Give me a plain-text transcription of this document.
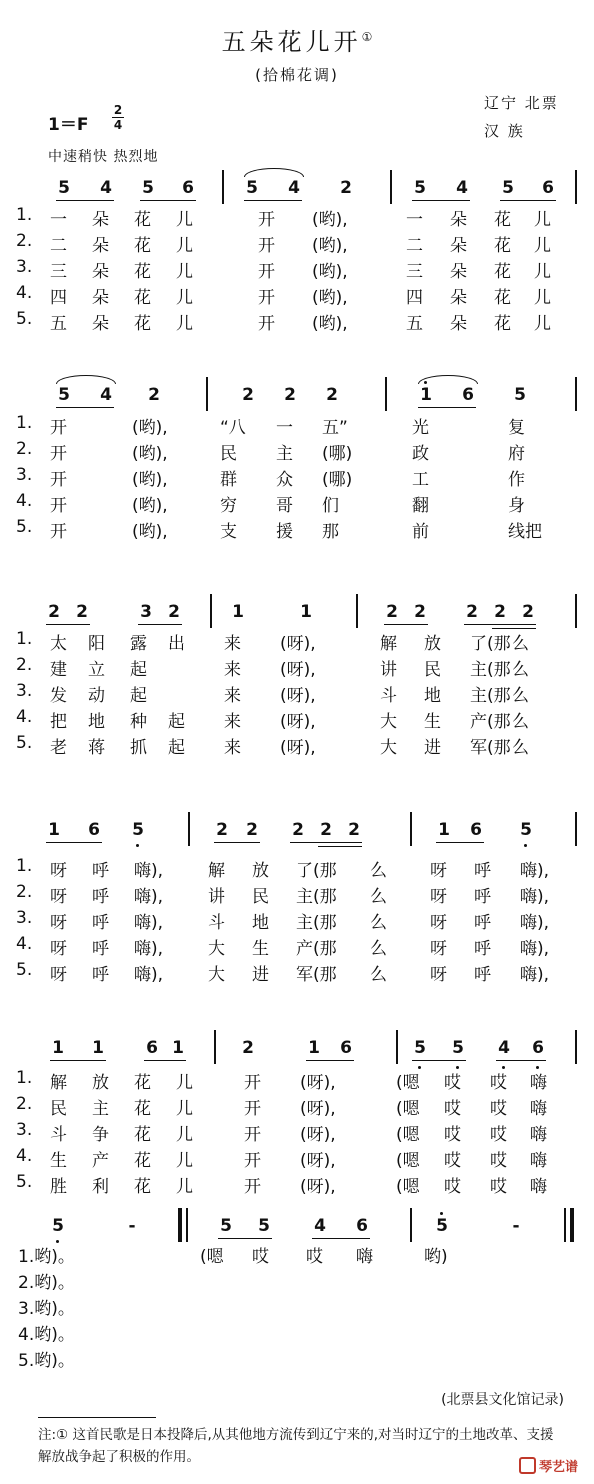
五朵花儿开①
(拾棉花调)
辽宁 北票
汉 族
1＝F
2
4
中速稍快 热烈地
5 4 5 6	5 4 2	5 4 5 6
1. 一 朵 花 儿	开 (哟),	一 朵 花 儿
2. 二 朵 花 儿	开 (哟),	二 朵 花 儿
3. 三 朵 花 儿	开 (哟),	三 朵 花 儿
4. 四 朵 花 儿	开 (哟),	四 朵 花 儿
5. 五 朵 花 儿	开 (哟),	五 朵 花 儿
5 4 2	2 2 2	1 6 5
1. 开	(哟),	“八 一 五”	光	复
2. 开	(哟),	民 主 (哪)	政	府
3. 开	(哟),	群 众 (哪)	工	作
4. 开	(哟),	穷 哥 们	翻	身
5. 开	(哟),	支 援 那	前	线把
2 2	3 2	1	1	2 2 2 2 2
1. 太 阳 露 出 来 (呀),	解 放 了(那 么
2. 建 立 起	来 (呀),	讲 民 主(那 么
3. 发 动 起	来 (呀),	斗 地 主(那 么
4. 把 地 种 起 来 (呀),	大 生 产(那 么
5. 老 蒋 抓 起 来 (呀),	大 进 军(那 么
1 6 5	2 2 2 2 2	1 6 5
1. 呀 呼 嗨),	解 放 了(那 么	呀 呼 嗨),
2. 呀 呼 嗨),	讲 民 主(那 么	呀 呼 嗨),
3. 呀 呼 嗨),	斗 地 主(那 么	呀 呼 嗨),
4. 呀 呼 嗨),	大 生 产(那 么	呀 呼 嗨),
5. 呀 呼 嗨),	大 进 军(那 么	呀 呼 嗨),
1 1 6 1	2	1 6	5 5 4 6
1. 解 放 花 儿	开 (呀),	(嗯 哎 哎 嗨
2. 民 主 花 儿	开 (呀),	(嗯 哎 哎 嗨
3. 斗 争 花 儿	开 (呀),	(嗯 哎 哎 嗨
4. 生 产 花 儿	开 (呀),	(嗯 哎 哎 嗨
5. 胜 利 花 儿	开 (呀),	(嗯 哎 哎 嗨
5	-	5 5	4 6	5	-
(嗯 哎 哎 嗨	哟)
1.哟)。
2.哟)。
3.哟)。
4.哟)。
5.哟)。
(北票县文化馆记录)
注:① 这首民歌是日本投降后,从其他地方流传到辽宁来的,对当时辽宁的土地改革、支援解放战争起了积极的作用。
琴艺谱
